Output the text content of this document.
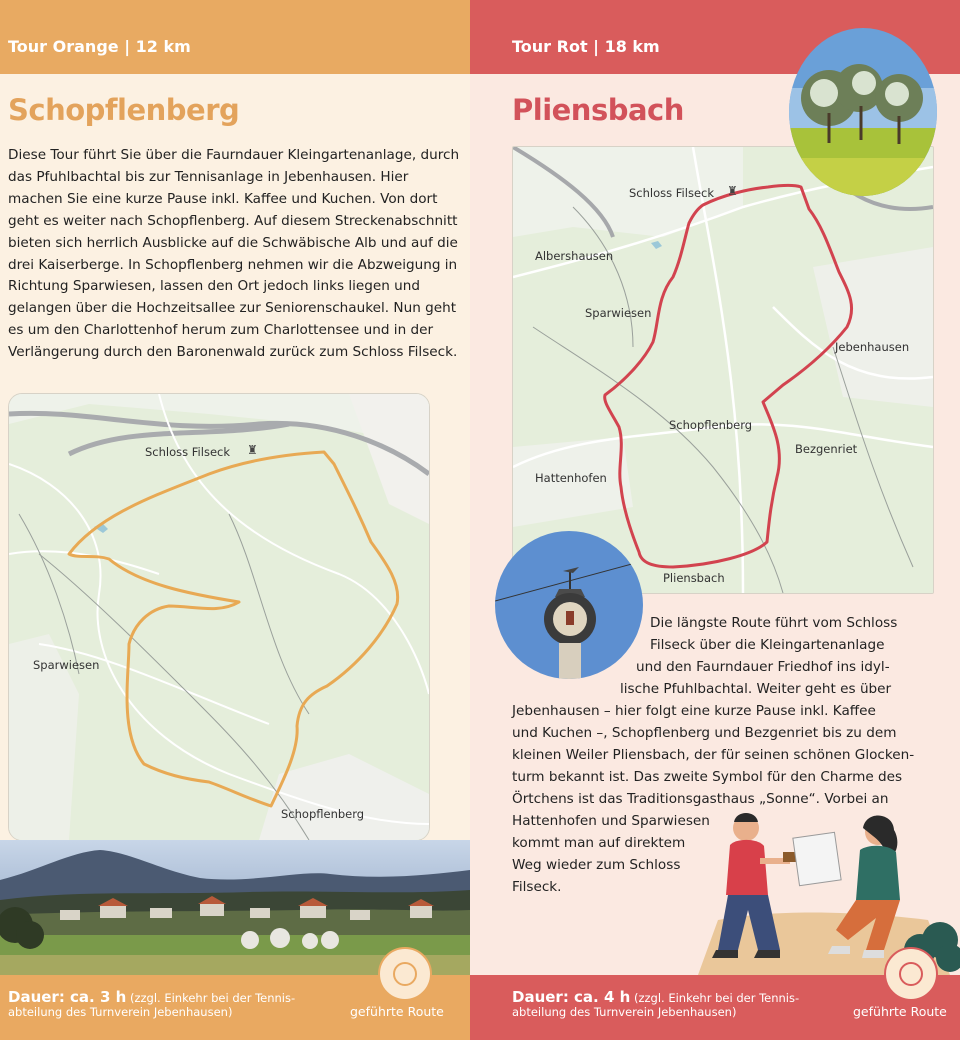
Tour Orange | 12 km
Schopflenberg
Diese Tour führt Sie über die Faurndauer Kleingartenanlage, durch das Pfuhlbachtal bis zur Tennisanlage in Jebenhausen. Hier machen Sie eine kurze Pause inkl. Kaffee und Kuchen. Von dort geht es weiter nach Schopflenberg. Auf diesem Streckenabschnitt bieten sich herrlich Ausblicke auf die Schwäbische Alb und auf die drei Kaiserberge. In Schopflenberg nehmen wir die Abzweigung in Richtung Sparwiesen, lassen den Ort jedoch links liegen und gelangen über die Hochzeitsallee zur Seniorenschaukel. Nun geht es um den Charlottenhof herum zum Charlottensee und in der Verlängerung durch den Baronenwald zurück zum Schloss Filseck.
Schloss Filseck ♜
Sparwiesen
Schopflenberg
Dauer: ca. 3 h (zzgl. Einkehr bei der Tennis-abteilung des Turnverein Jebenhausen)	geführte Route
Tour Rot | 18 km
Pliensbach
Schloss Filseck ♜
Albershausen
Sparwiesen
Jebenhausen
Schopflenberg
Bezgenriet
Hattenhofen
Pliensbach
Die längste Route führt vom Schloss
Filseck über die Kleingartenanlage
und den Faurndauer Friedhof ins idyl-
lische Pfuhlbachtal. Weiter geht es über
Jebenhausen – hier folgt eine kurze Pause inkl. Kaffee
und Kuchen –, Schopflenberg und Bezgenriet bis zu dem
kleinen Weiler Pliensbach, der für seinen schönen Glocken-
turm bekannt ist. Das zweite Symbol für den Charme des
Örtchens ist das Traditionsgasthaus „Sonne“. Vorbei an
Hattenhofen und Sparwiesen
kommt man auf direktem
Weg wieder zum Schloss
Filseck.
Dauer: ca. 4 h (zzgl. Einkehr bei der Tennis-abteilung des Turnverein Jebenhausen)	geführte Route
